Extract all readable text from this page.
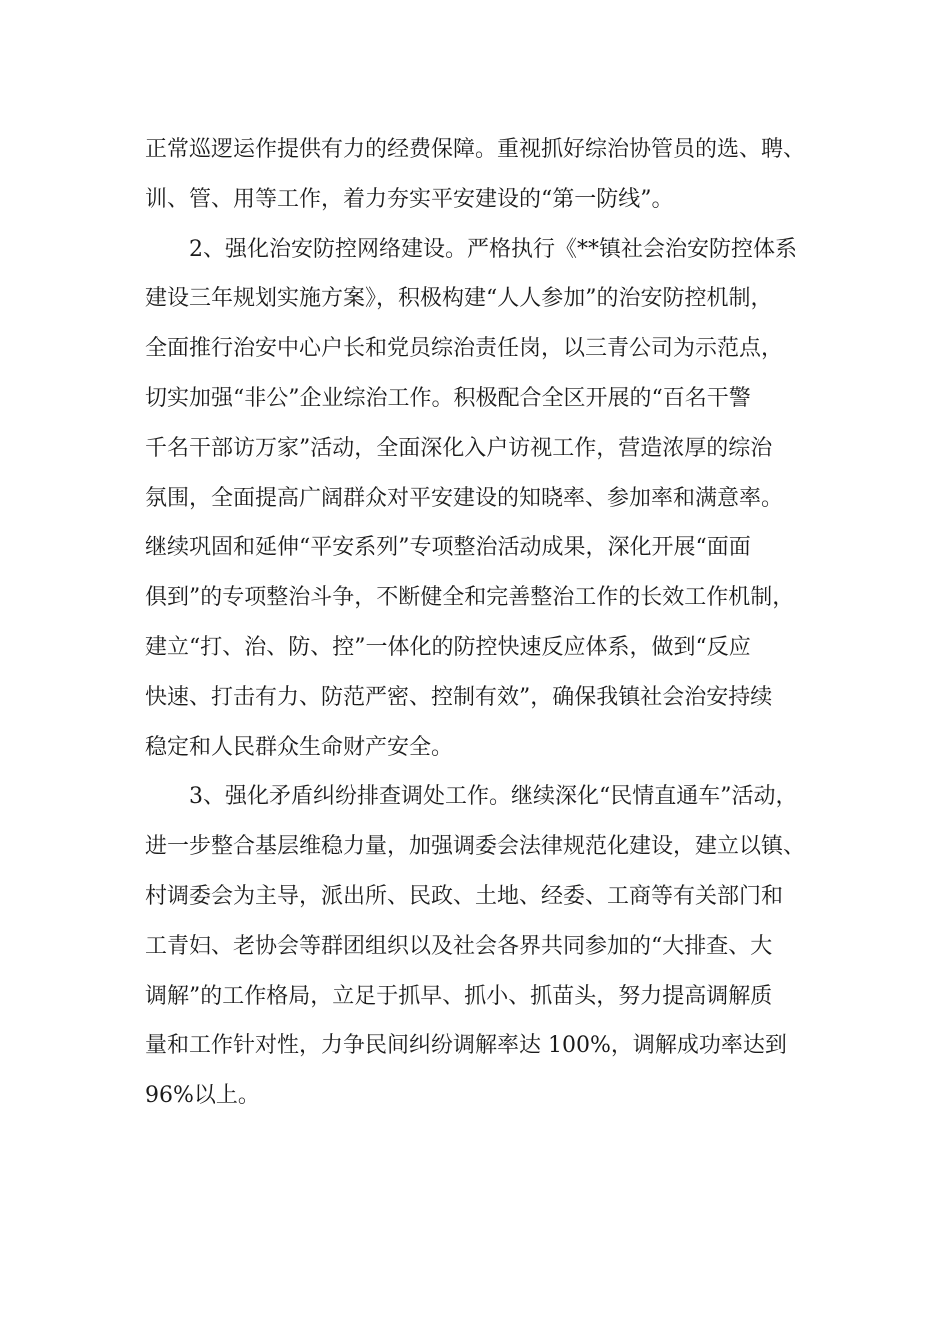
正常巡逻运作提供有力的经费保障。重视抓好综治协管员的选、聘、
训、管、用等工作，着力夯实平安建设的“第一防线”。
　　2、强化治安防控网络建设。严格执行《**镇社会治安防控体系
建设三年规划实施方案》，积极构建“人人参加”的治安防控机制，
全面推行治安中心户长和党员综治责任岗，以三青公司为示范点，
切实加强“非公”企业综治工作。积极配合全区开展的“百名干警
千名干部访万家”活动，全面深化入户访视工作，营造浓厚的综治
氛围，全面提高广阔群众对平安建设的知晓率、参加率和满意率。
继续巩固和延伸“平安系列”专项整治活动成果，深化开展“面面
俱到”的专项整治斗争，不断健全和完善整治工作的长效工作机制，
建立“打、治、防、控”一体化的防控快速反应体系，做到“反应
快速、打击有力、防范严密、控制有效”，确保我镇社会治安持续
稳定和人民群众生命财产安全。
　　3、强化矛盾纠纷排查调处工作。继续深化“民情直通车”活动，
进一步整合基层维稳力量，加强调委会法律规范化建设，建立以镇、
村调委会为主导，派出所、民政、土地、经委、工商等有关部门和
工青妇、老协会等群团组织以及社会各界共同参加的“大排查、大
调解”的工作格局，立足于抓早、抓小、抓苗头，努力提高调解质
量和工作针对性，力争民间纠纷调解率达 100%，调解成功率达到
96%以上。
